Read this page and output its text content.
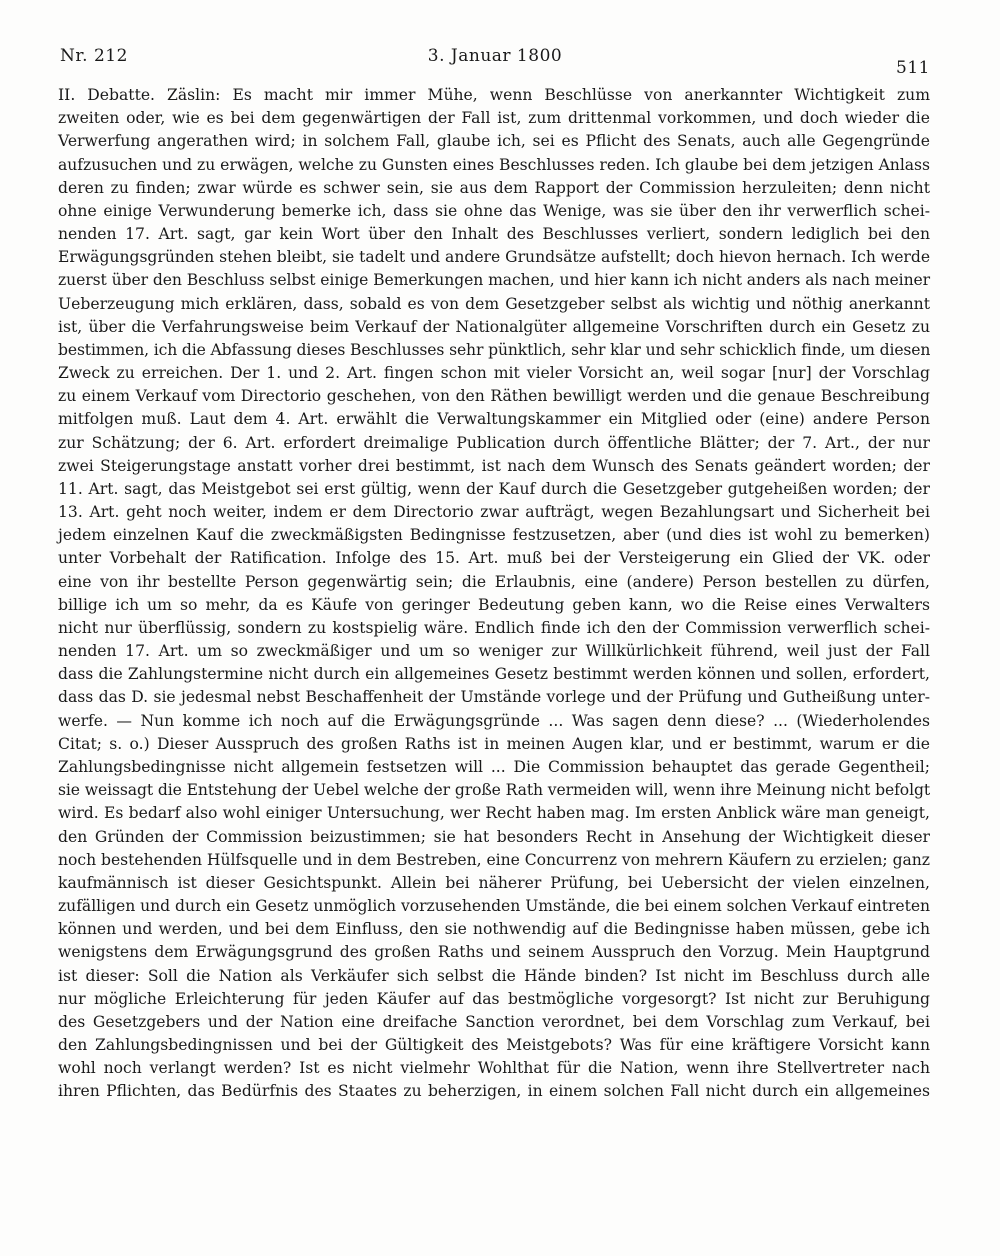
Nr. 212	3. Januar 1800
511
II. Debatte. Zäslin: Es macht mir immer Mühe, wenn Beschlüsse von anerkannter Wichtigkeit zum
zweiten oder, wie es bei dem gegenwärtigen der Fall ist, zum drittenmal vorkommen, und doch wieder die
Verwerfung angerathen wird; in solchem Fall, glaube ich, sei es Pflicht des Senats, auch alle Gegengründe
aufzusuchen und zu erwägen, welche zu Gunsten eines Beschlusses reden. Ich glaube bei dem jetzigen Anlass
deren zu finden; zwar würde es schwer sein, sie aus dem Rapport der Commission herzuleiten; denn nicht
ohne einige Verwunderung bemerke ich, dass sie ohne das Wenige, was sie über den ihr verwerflich schei-
nenden 17. Art. sagt, gar kein Wort über den Inhalt des Beschlusses verliert, sondern lediglich bei den
Erwägungsgründen stehen bleibt, sie tadelt und andere Grundsätze aufstellt; doch hievon hernach. Ich werde
zuerst über den Beschluss selbst einige Bemerkungen machen, und hier kann ich nicht anders als nach meiner
Ueberzeugung mich erklären, dass, sobald es von dem Gesetzgeber selbst als wichtig und nöthig anerkannt
ist, über die Verfahrungsweise beim Verkauf der Nationalgüter allgemeine Vorschriften durch ein Gesetz zu
bestimmen, ich die Abfassung dieses Beschlusses sehr pünktlich, sehr klar und sehr schicklich finde, um diesen
Zweck zu erreichen. Der 1. und 2. Art. fingen schon mit vieler Vorsicht an, weil sogar [nur] der Vorschlag
zu einem Verkauf vom Directorio geschehen, von den Räthen bewilligt werden und die genaue Beschreibung
mitfolgen muß. Laut dem 4. Art. erwählt die Verwaltungskammer ein Mitglied oder (eine) andere Person
zur Schätzung; der 6. Art. erfordert dreimalige Publication durch öffentliche Blätter; der 7. Art., der nur
zwei Steigerungstage anstatt vorher drei bestimmt, ist nach dem Wunsch des Senats geändert worden; der
11. Art. sagt, das Meistgebot sei erst gültig, wenn der Kauf durch die Gesetzgeber gutgeheißen worden; der
13. Art. geht noch weiter, indem er dem Directorio zwar aufträgt, wegen Bezahlungsart und Sicherheit bei
jedem einzelnen Kauf die zweckmäßigsten Bedingnisse festzusetzen, aber (und dies ist wohl zu bemerken)
unter Vorbehalt der Ratification. Infolge des 15. Art. muß bei der Versteigerung ein Glied der VK. oder
eine von ihr bestellte Person gegenwärtig sein; die Erlaubnis, eine (andere) Person bestellen zu dürfen,
billige ich um so mehr, da es Käufe von geringer Bedeutung geben kann, wo die Reise eines Verwalters
nicht nur überflüssig, sondern zu kostspielig wäre. Endlich finde ich den der Commission verwerflich schei-
nenden 17. Art. um so zweckmäßiger und um so weniger zur Willkürlichkeit führend, weil just der Fall
dass die Zahlungstermine nicht durch ein allgemeines Gesetz bestimmt werden können und sollen, erfordert,
dass das D. sie jedesmal nebst Beschaffenheit der Umstände vorlege und der Prüfung und Gutheißung unter-
werfe. — Nun komme ich noch auf die Erwägungsgründe ... Was sagen denn diese? ... (Wiederholendes
Citat; s. o.) Dieser Ausspruch des großen Raths ist in meinen Augen klar, und er bestimmt, warum er die
Zahlungsbedingnisse nicht allgemein festsetzen will ... Die Commission behauptet das gerade Gegentheil;
sie weissagt die Entstehung der Uebel welche der große Rath vermeiden will, wenn ihre Meinung nicht befolgt
wird. Es bedarf also wohl einiger Untersuchung, wer Recht haben mag. Im ersten Anblick wäre man geneigt,
den Gründen der Commission beizustimmen; sie hat besonders Recht in Ansehung der Wichtigkeit dieser
noch bestehenden Hülfsquelle und in dem Bestreben, eine Concurrenz von mehrern Käufern zu erzielen; ganz
kaufmännisch ist dieser Gesichtspunkt. Allein bei näherer Prüfung, bei Uebersicht der vielen einzelnen,
zufälligen und durch ein Gesetz unmöglich vorzusehenden Umstände, die bei einem solchen Verkauf eintreten
können und werden, und bei dem Einfluss, den sie nothwendig auf die Bedingnisse haben müssen, gebe ich
wenigstens dem Erwägungsgrund des großen Raths und seinem Ausspruch den Vorzug. Mein Hauptgrund
ist dieser: Soll die Nation als Verkäufer sich selbst die Hände binden? Ist nicht im Beschluss durch alle
nur mögliche Erleichterung für jeden Käufer auf das bestmögliche vorgesorgt? Ist nicht zur Beruhigung
des Gesetzgebers und der Nation eine dreifache Sanction verordnet, bei dem Vorschlag zum Verkauf, bei
den Zahlungsbedingnissen und bei der Gültigkeit des Meistgebots? Was für eine kräftigere Vorsicht kann
wohl noch verlangt werden? Ist es nicht vielmehr Wohlthat für die Nation, wenn ihre Stellvertreter nach
ihren Pflichten, das Bedürfnis des Staates zu beherzigen, in einem solchen Fall nicht durch ein allgemeines
